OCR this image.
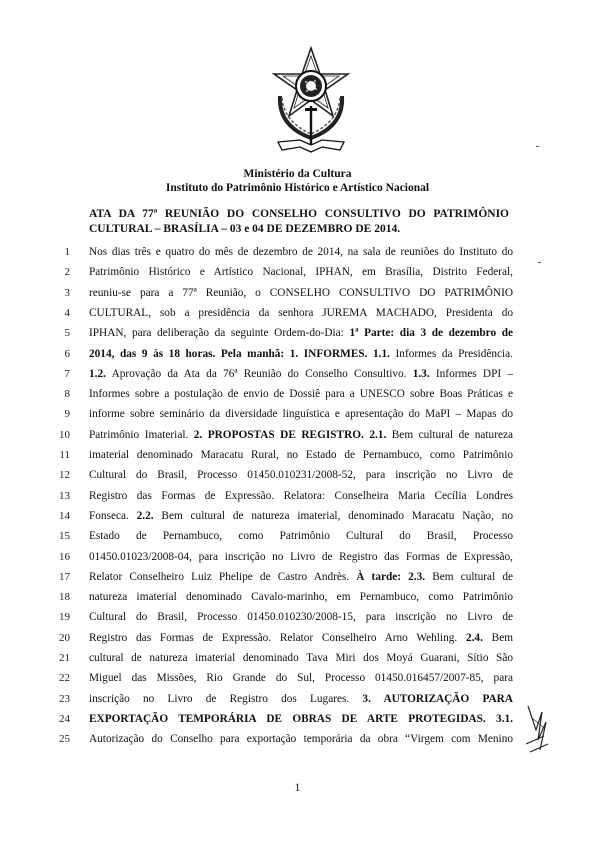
Ministério da Cultura
Instituto do Patrimônio Histórico e Artístico Nacional
ATA DA 77ª REUNIÃO DO CONSELHO CONSULTIVO DO PATRIMÔNIO CULTURAL – BRASÍLIA – 03 e 04 DE DEZEMBRO DE 2014.
1 Nos dias três e quatro do mês de dezembro de 2014, na sala de reuniões do Instituto do
2 Patrimônio Histórico e Artístico Nacional, IPHAN, em Brasília, Distrito Federal,
3 reuniu-se para a 77ª Reunião, o CONSELHO CONSULTIVO DO PATRIMÔNIO
4 CULTURAL, sob a presidência da senhora JUREMA MACHADO, Presidenta do
5 IPHAN, para deliberação da seguinte Ordem-do-Dia: 1ª Parte: dia 3 de dezembro de
6 2014, das 9 às 18 horas. Pela manhã: 1. INFORMES. 1.1. Informes da Presidência.
7 1.2. Aprovação da Ata da 76ª Reunião do Conselho Consultivo. 1.3. Informes DPI –
8 Informes sobre a postulação de envio de Dossiê para a UNESCO sobre Boas Práticas e
9 informe sobre seminário da diversidade linguística e apresentação do MaPI – Mapas do
10 Patrimônio Imaterial. 2. PROPOSTAS DE REGISTRO. 2.1. Bem cultural de natureza
11 imaterial denominado Maracatu Rural, no Estado de Pernambuco, como Patrimônio
12 Cultural do Brasil, Processo 01450.010231/2008-52, para inscrição no Livro de
13 Registro das Formas de Expressão. Relatora: Conselheira Maria Cecília Londres
14 Fonseca. 2.2. Bem cultural de natureza imaterial, denominado Maracatu Nação, no
15 Estado de Pernambuco, como Patrimônio Cultural do Brasil, Processo
16 01450.01023/2008-04, para inscrição no Livro de Registro das Formas de Expressão,
17 Relator Conselheiro Luiz Phelipe de Castro Andrès. À tarde: 2.3. Bem cultural de
18 natureza imaterial denominado Cavalo-marinho, em Pernambuco, como Patrimônio
19 Cultural do Brasil, Processo 01450.010230/2008-15, para inscrição no Livro de
20 Registro das Formas de Expressão. Relator Conselheiro Arno Wehling. 2.4. Bem
21 cultural de natureza imaterial denominado Tava Miri dos Moyá Guarani, Sítio São
22 Miguel das Missões, Rio Grande do Sul, Processo 01450.016457/2007-85, para
23 inscrição no Livro de Registro dos Lugares. 3. AUTORIZAÇÃO PARA
24 EXPORTAÇÃO TEMPORÁRIA DE OBRAS DE ARTE PROTEGIDAS. 3.1.
25 Autorização do Conselho para exportação temporária da obra “Virgem com Menino
1
